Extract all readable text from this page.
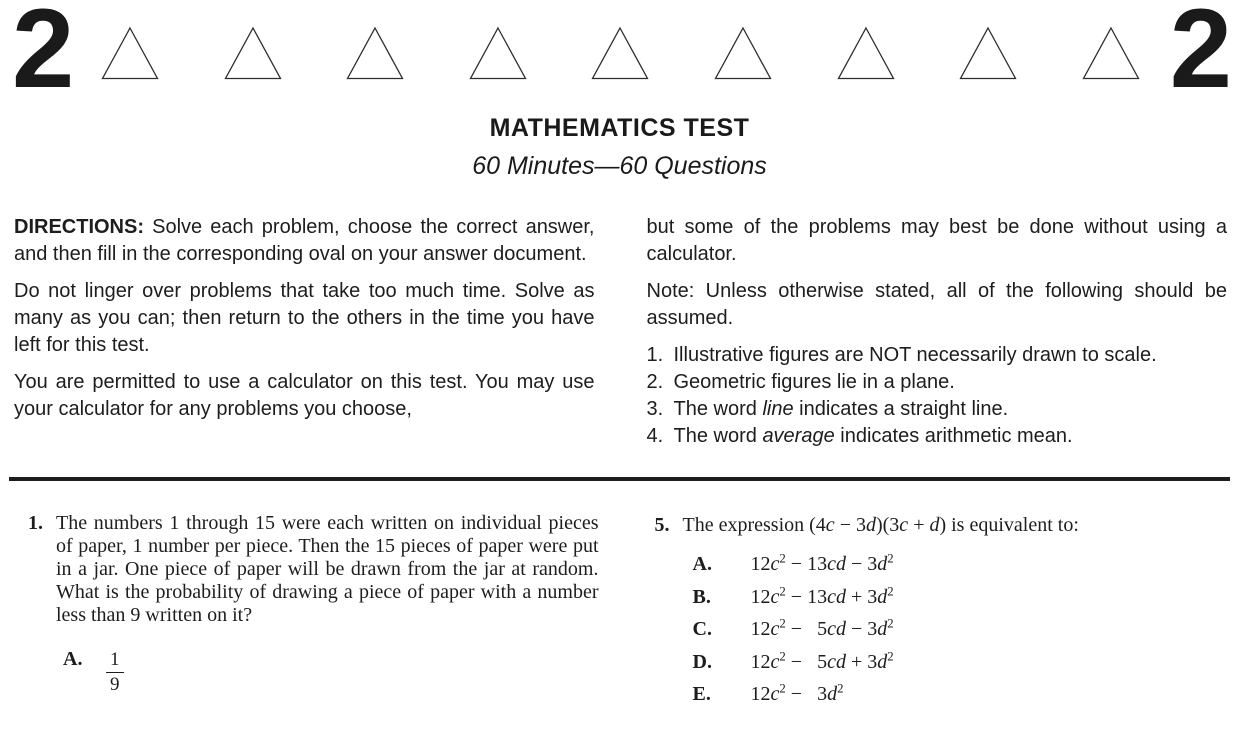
2	2
MATHEMATICS TEST
60 Minutes—60 Questions

DIRECTIONS: Solve each problem, choose the correct answer, and then fill in the corresponding oval on your answer document.

Do not linger over problems that take too much time. Solve as many as you can; then return to the others in the time you have left for this test.

You are permitted to use a calculator on this test. You may use your calculator for any problems you choose,

but some of the problems may best be done without using a calculator.

Note: Unless otherwise stated, all of the following should be assumed.

1. Illustrative figures are NOT necessarily drawn to scale.
2. Geometric figures lie in a plane.
3. The word line indicates a straight line.
4. The word average indicates arithmetic mean.
1. The numbers 1 through 15 were each written on individual pieces of paper, 1 number per piece. Then the 15 pieces of paper were put in a jar. One piece of paper will be drawn from the jar at random. What is the probability of drawing a piece of paper with a number less than 9 written on it?

A.	$\frac{1}{9}$
5. The expression (4c − 3d)(3c + d) is equivalent to:

A.	$12c^2 - 13cd - 3d^2$
B.	$12c^2 - 13cd + 3d^2$
C.	$12c^2$ −  $5cd - 3d^2$
D.	$12c^2$ −  $5cd + 3d^2$
E.	$12c^2$ −  $3d^2$
